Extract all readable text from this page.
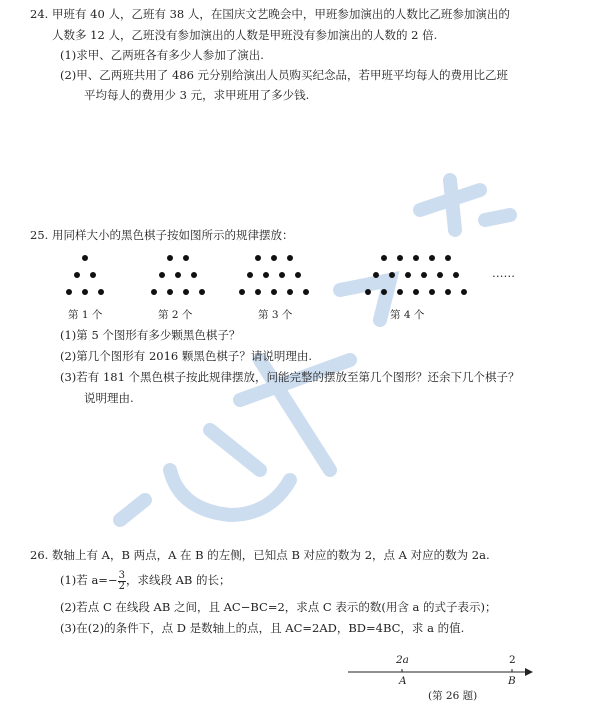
24. 甲班有 40 人，乙班有 38 人，在国庆文艺晚会中，甲班参加演出的人数比乙班参加演出的
人数多 12 人，乙班没有参加演出的人数是甲班没有参加演出的人数的 2 倍.
(1)求甲、乙两班各有多少人参加了演出.
(2)甲、乙两班共用了 486 元分别给演出人员购买纪念品，若甲班平均每人的费用比乙班
平均每人的费用少 3 元，求甲班用了多少钱.
25. 用同样大小的黑色棋子按如图所示的规律摆放：
……
第 1 个	第 2 个	第 3 个	第 4 个
(1)第 5 个图形有多少颗黑色棋子？
(2)第几个图形有 2016 颗黑色棋子？请说明理由.
(3)若有 181 个黑色棋子按此规律摆放，问能完整的摆放至第几个图形？还余下几个棋子？
说明理由.
26. 数轴上有 A，B 两点，A 在 B 的左侧，已知点 B 对应的数为 2，点 A 对应的数为 2a.
(1)若 $a=- \frac{3}{2}$ ，求线段 AB 的长；
(2)若点 C 在线段 AB 之间，且 AC−BC=2，求点 C 表示的数(用含 a 的式子表示)；
(3)在(2)的条件下，点 D 是数轴上的点，且 AC=2AD，BD=4BC，求 a 的值.
2a	2
A	B
(第 26 题)
